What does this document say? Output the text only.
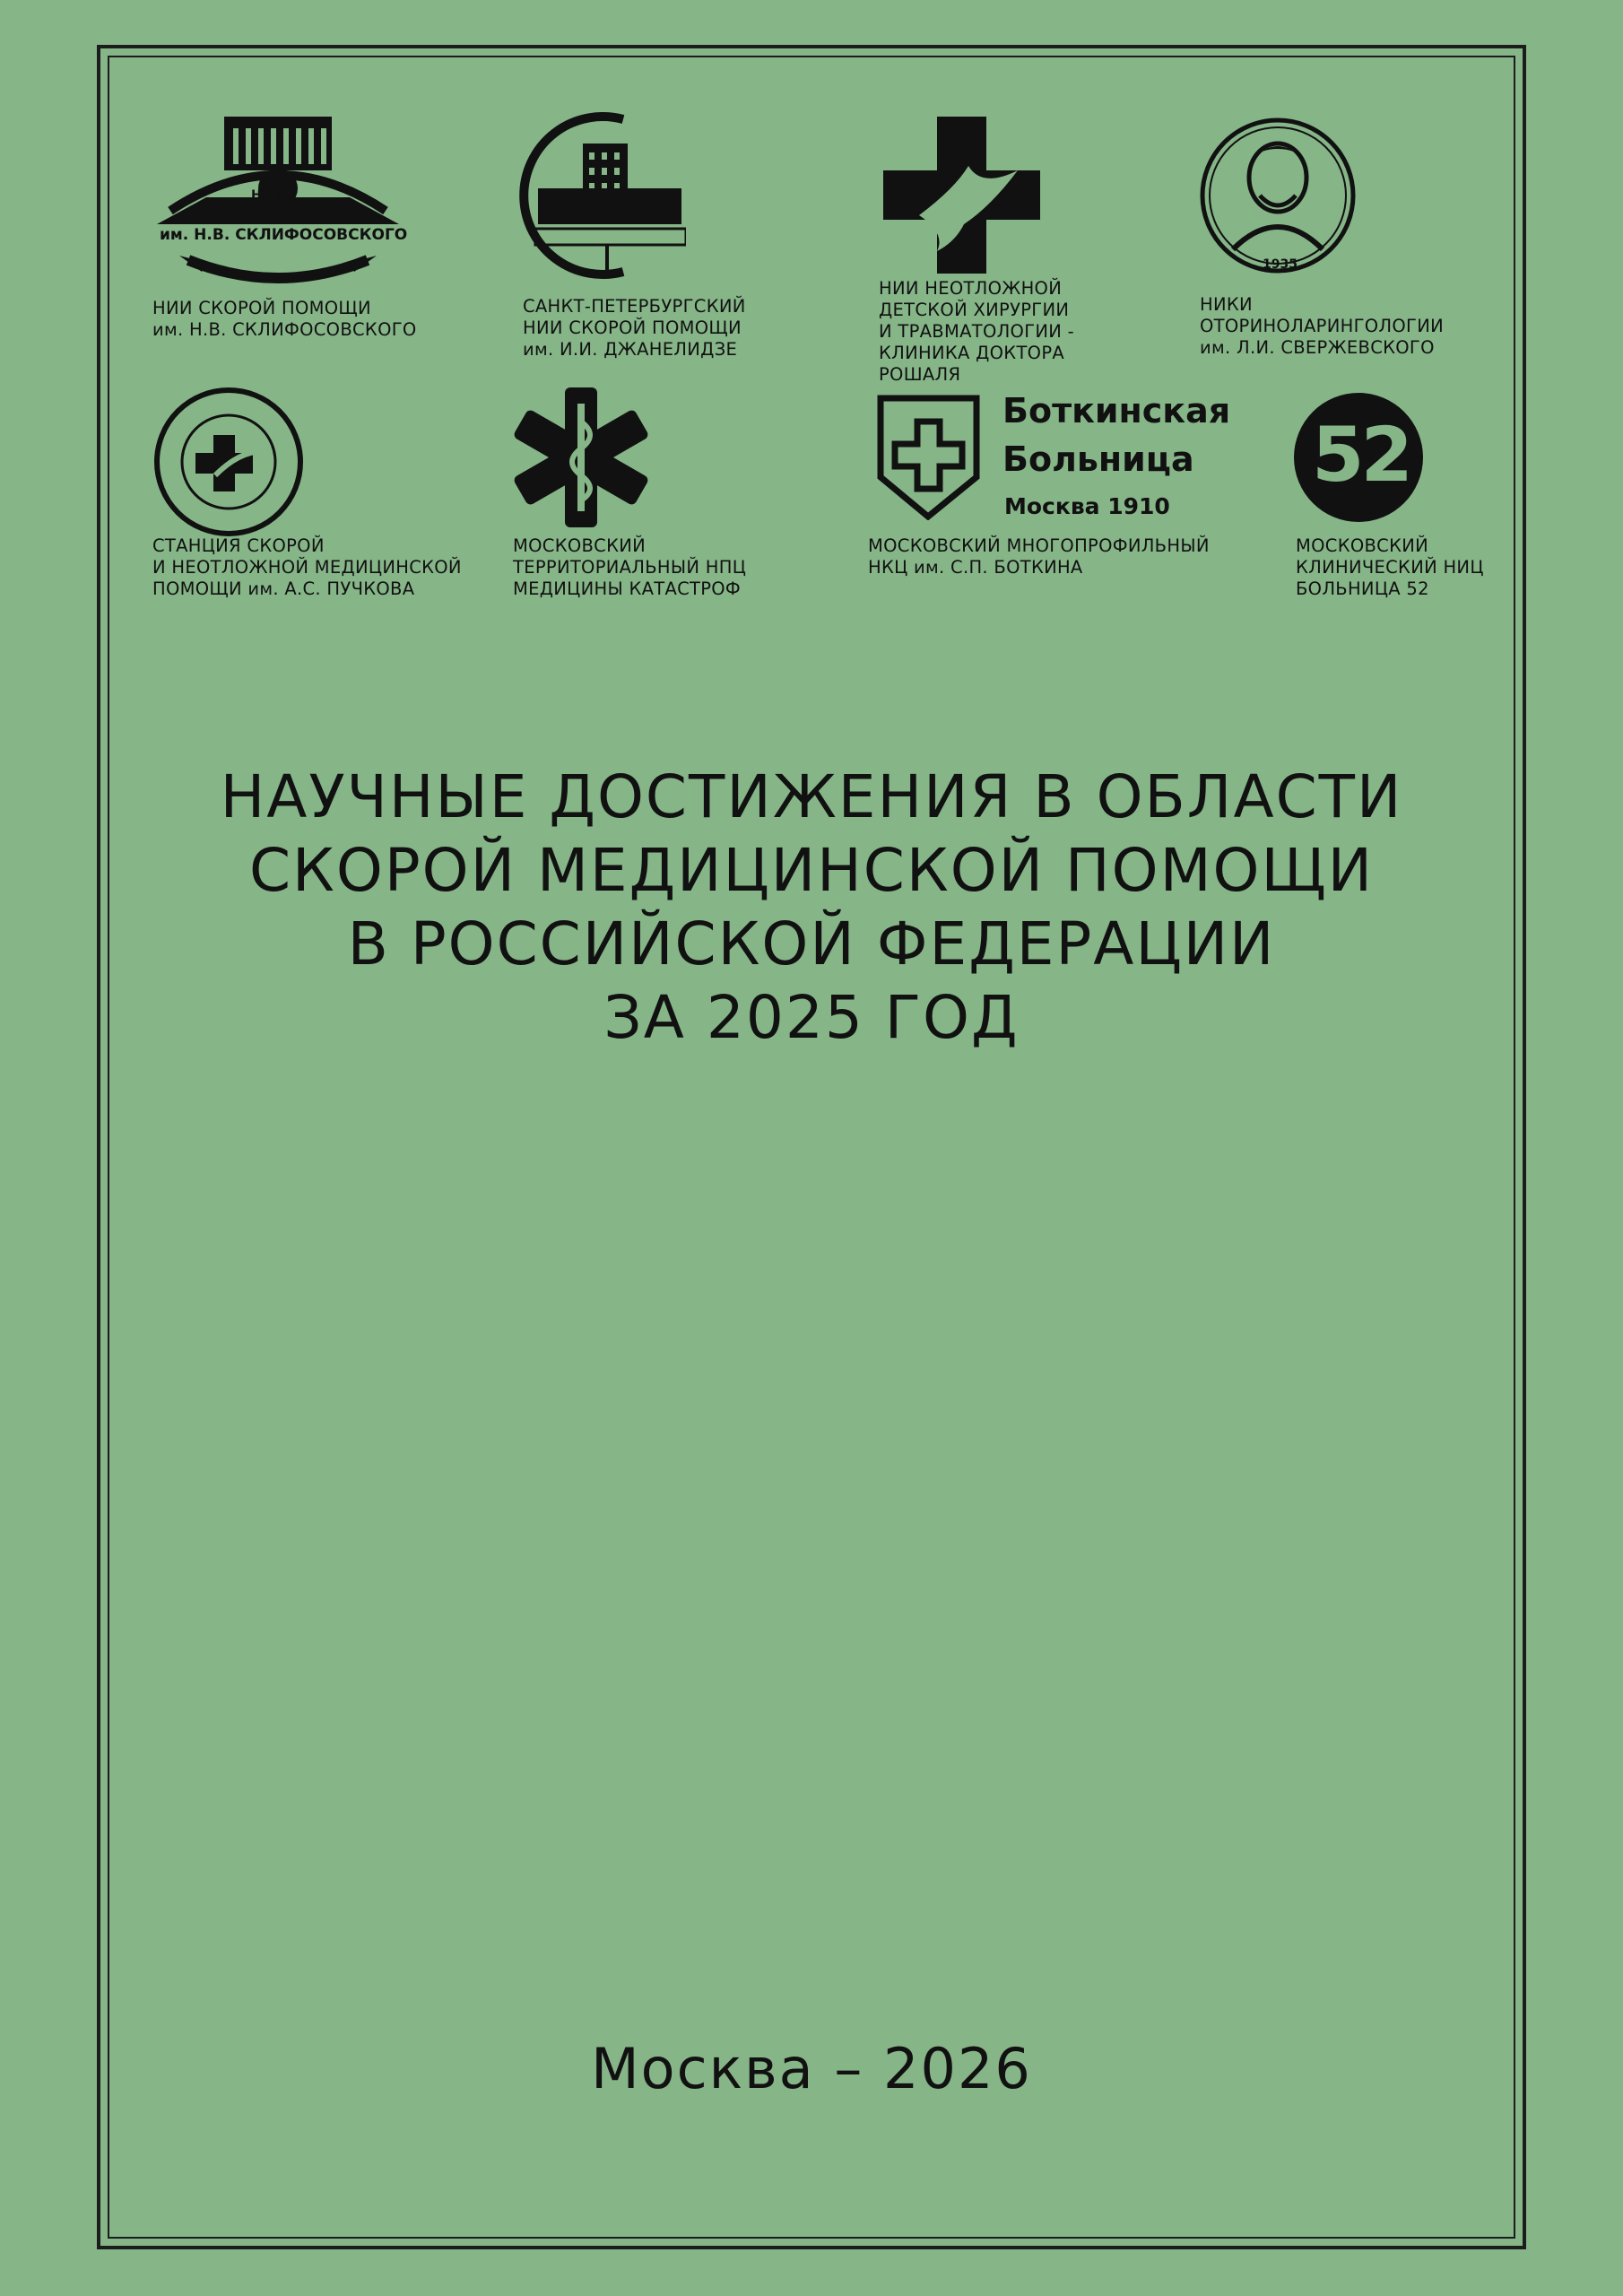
НИИ
СКОРОЙ ПОМОЩИ
им. Н.В. СКЛИФОСОВСКОГО
НИИ СКОРОЙ ПОМОЩИ
им. Н.В. СКЛИФОСОВСКОГО
САНКТ-ПЕТЕРБУРГСКИЙ
НИИ СКОРОЙ ПОМОЩИ
им. И.И. ДЖАНЕЛИДЗЕ
НИИ НЕОТЛОЖНОЙ
ДЕТСКОЙ ХИРУРГИИ
И ТРАВМАТОЛОГИИ -
КЛИНИКА ДОКТОРА
РОШАЛЯ
1935
НИКИ
ОТОРИНОЛАРИНГОЛОГИИ
им. Л.И. СВЕРЖЕВСКОГО
СТАНЦИЯ СКОРОЙ
И НЕОТЛОЖНОЙ МЕДИЦИНСКОЙ
ПОМОЩИ им. А.С. ПУЧКОВА
МОСКОВСКИЙ
ТЕРРИТОРИАЛЬНЫЙ НПЦ
МЕДИЦИНЫ КАТАСТРОФ
Боткинская
Больница
Москва 1910
МОСКОВСКИЙ МНОГОПРОФИЛЬНЫЙ
НКЦ им. С.П. БОТКИНА
52
МОСКОВСКИЙ
КЛИНИЧЕСКИЙ НИЦ
БОЛЬНИЦА 52
НАУЧНЫЕ ДОСТИЖЕНИЯ В ОБЛАСТИ
СКОРОЙ МЕДИЦИНСКОЙ ПОМОЩИ
В РОССИЙСКОЙ ФЕДЕРАЦИИ
ЗА 2025 ГОД
Москва – 2026
